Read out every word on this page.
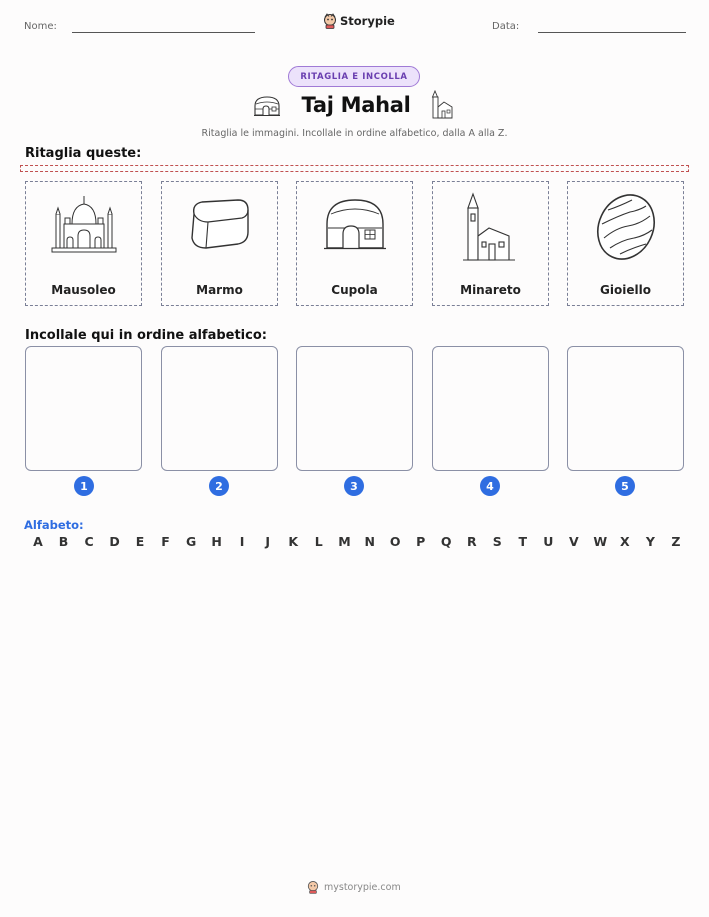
Nome:	Storypie	Data:
RITAGLIA E INCOLLA
Taj Mahal
Ritaglia le immagini. Incollale in ordine alfabetico, dalla A alla Z.
Ritaglia queste:
Mausoleo	Marmo	Cupola	Minareto	Gioiello
Incollale qui in ordine alfabetico:
1	2	3	4	5
Alfabeto:
A B C D E F G H I J K L M N O P Q R S T U V W X Y Z
mystorypie.com
